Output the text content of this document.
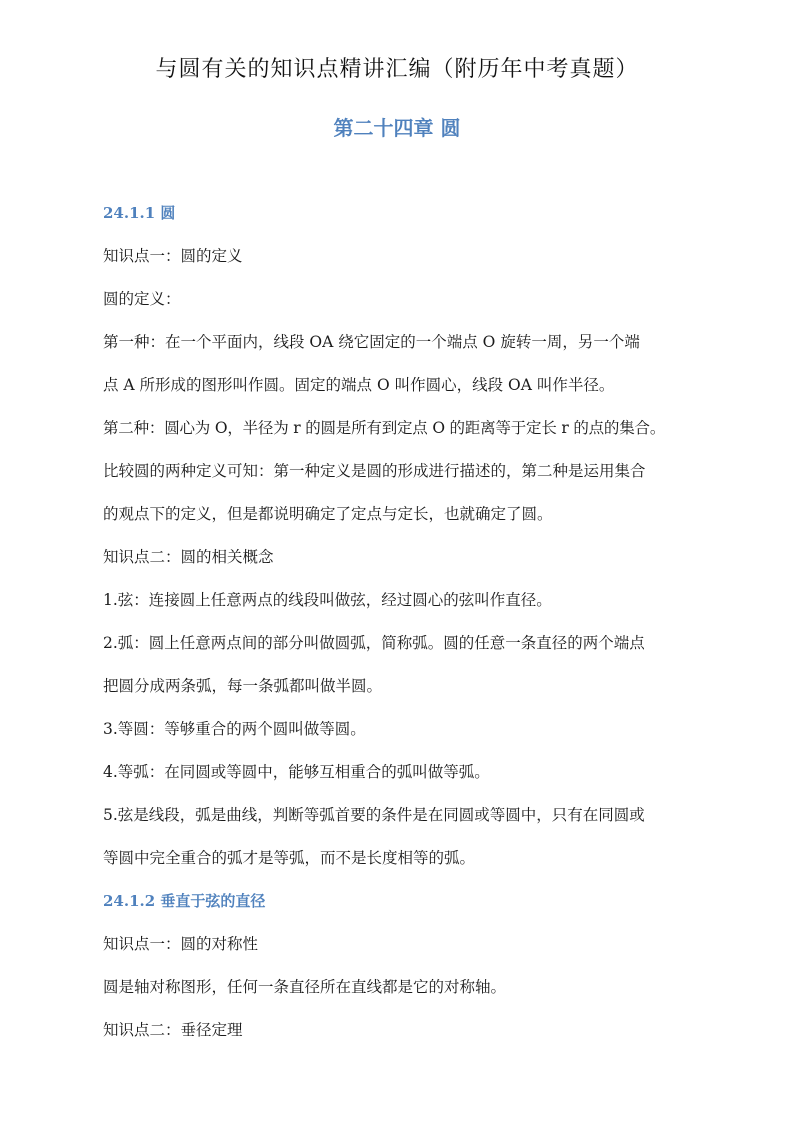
与圆有关的知识点精讲汇编（附历年中考真题）
第二十四章 圆

24.1.1 圆

知识点一：圆的定义

圆的定义：

第一种：在一个平面内，线段 OA 绕它固定的一个端点 O 旋转一周，另一个端

点 A 所形成的图形叫作圆。固定的端点 O 叫作圆心，线段 OA 叫作半径。

第二种：圆心为 O，半径为 r 的圆是所有到定点 O 的距离等于定长 r 的点的集合。

比较圆的两种定义可知：第一种定义是圆的形成进行描述的，第二种是运用集合

的观点下的定义，但是都说明确定了定点与定长，也就确定了圆。

知识点二：圆的相关概念

1.弦：连接圆上任意两点的线段叫做弦，经过圆心的弦叫作直径。

2.弧：圆上任意两点间的部分叫做圆弧，简称弧。圆的任意一条直径的两个端点

把圆分成两条弧，每一条弧都叫做半圆。

3.等圆：等够重合的两个圆叫做等圆。

4.等弧：在同圆或等圆中，能够互相重合的弧叫做等弧。

5.弦是线段，弧是曲线，判断等弧首要的条件是在同圆或等圆中，只有在同圆或

等圆中完全重合的弧才是等弧，而不是长度相等的弧。

24.1.2 垂直于弦的直径

知识点一：圆的对称性

圆是轴对称图形，任何一条直径所在直线都是它的对称轴。

知识点二：垂径定理
